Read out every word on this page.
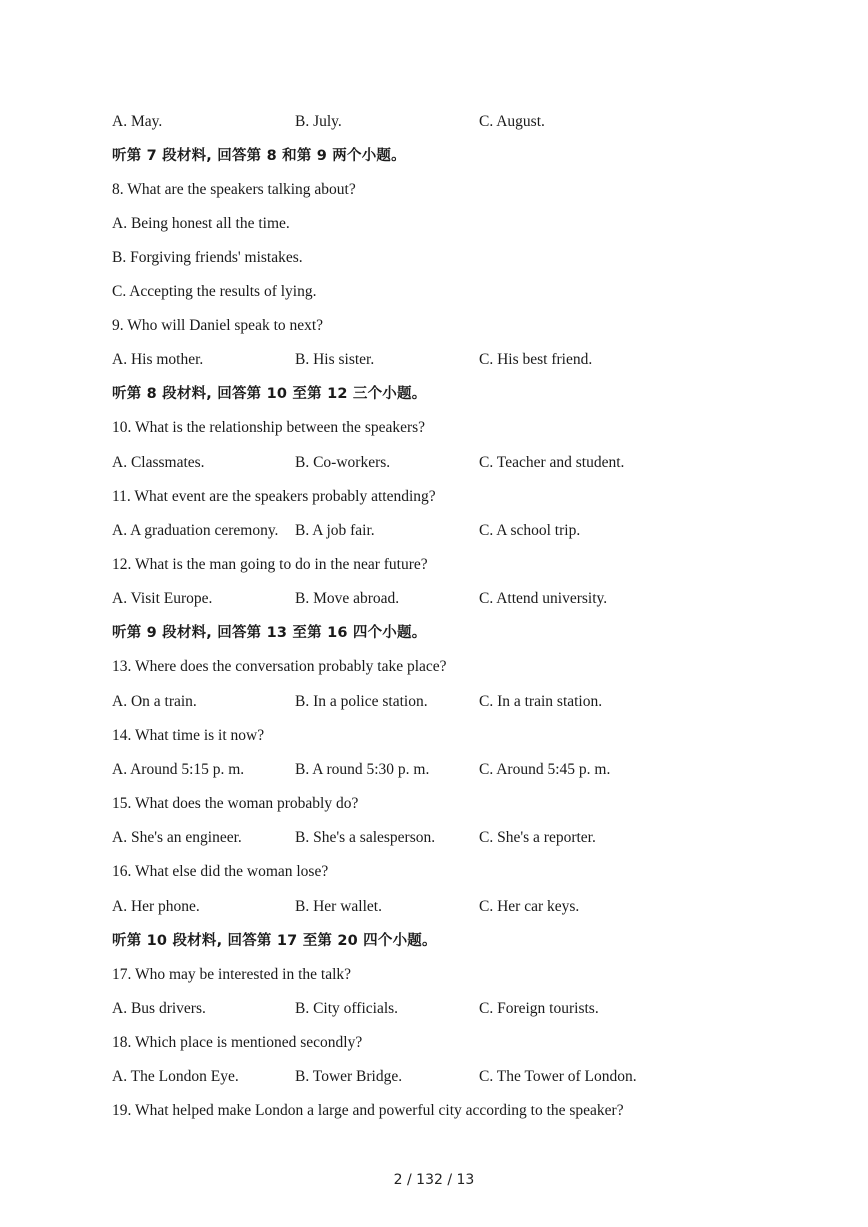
A. May.	B. July.	C. August.
听第 7 段材料, 回答第 8 和第 9 两个小题。
8. What are the speakers talking about?
A. Being honest all the time.
B. Forgiving friends' mistakes.
C. Accepting the results of lying.
9. Who will Daniel speak to next?
A. His mother.	B. His sister.	C. His best friend.
听第 8 段材料, 回答第 10 至第 12 三个小题。
10. What is the relationship between the speakers?
A. Classmates.	B. Co-workers.	C. Teacher and student.
11. What event are the speakers probably attending?
A. A graduation ceremony. B. A job fair.	C. A school trip.
12. What is the man going to do in the near future?
A. Visit Europe.	B. Move abroad.	C. Attend university.
听第 9 段材料, 回答第 13 至第 16 四个小题。
13. Where does the conversation probably take place?
A. On a train.	B. In a police station.	C. In a train station.
14. What time is it now?
A. Around 5:15 p. m.	B. A round 5:30 p. m.	C. Around 5:45 p. m.
15. What does the woman probably do?
A. She's an engineer.	B. She's a salesperson.	C. She's a reporter.
16. What else did the woman lose?
A. Her phone.	B. Her wallet.	C. Her car keys.
听第 10 段材料, 回答第 17 至第 20 四个小题。
17. Who may be interested in the talk?
A. Bus drivers.	B. City officials.	C. Foreign tourists.
18. Which place is mentioned secondly?
A. The London Eye.	B. Tower Bridge.	C. The Tower of London.
19. What helped make London a large and powerful city according to the speaker?
2 / 132 / 13
